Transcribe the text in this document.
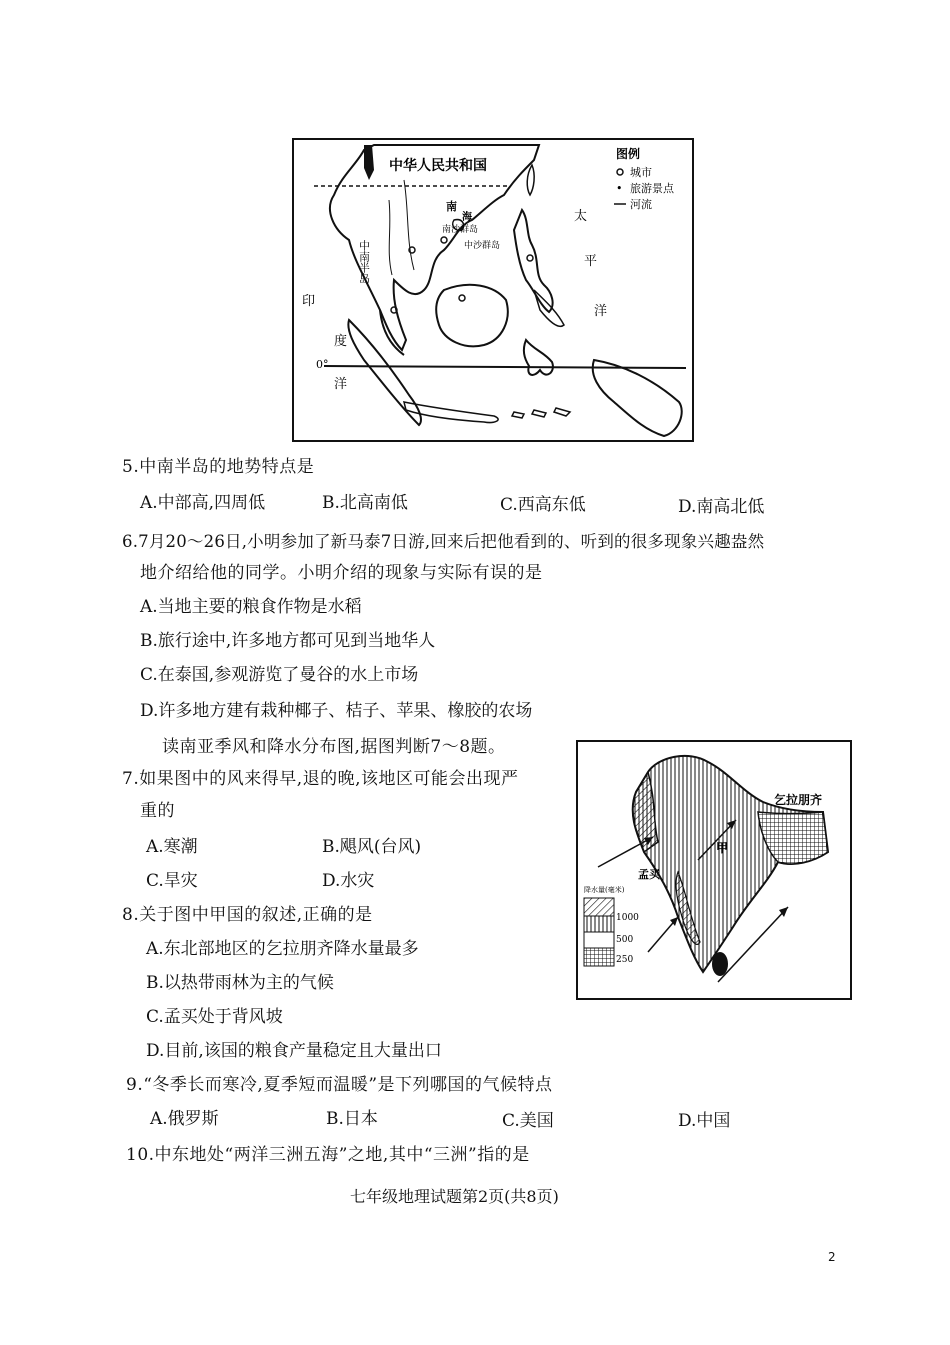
中华人民共和国
图例
城市
• 旅游景点
河流
南
海
南沙群岛
中沙群岛
中南半岛
太
平
洋
印
度
洋
0°
5.中南半岛的地势特点是
A.中部高,四周低	B.北高南低	C.西高东低	D.南高北低
6.7月20～26日,小明参加了新马泰7日游,回来后把他看到的、听到的很多现象兴趣盎然
地介绍给他的同学。小明介绍的现象与实际有误的是
A.当地主要的粮食作物是水稻
B.旅行途中,许多地方都可见到当地华人
C.在泰国,参观游览了曼谷的水上市场
D.许多地方建有栽种椰子、桔子、苹果、橡胶的农场
读南亚季风和降水分布图,据图判断7～8题。
7.如果图中的风来得早,退的晚,该地区可能会出现严
重的
A.寒潮	B.飓风(台风)
C.旱灾	D.水灾
乞拉朋齐
甲
孟买
降水量(毫米)
1000
500
250
8.关于图中甲国的叙述,正确的是
A.东北部地区的乞拉朋齐降水量最多
B.以热带雨林为主的气候
C.孟买处于背风坡
D.目前,该国的粮食产量稳定且大量出口
9.“冬季长而寒冷,夏季短而温暖”是下列哪国的气候特点
A.俄罗斯	B.日本	C.美国	D.中国
10.中东地处“两洋三洲五海”之地,其中“三洲”指的是
七年级地理试题第2页(共8页)
2
